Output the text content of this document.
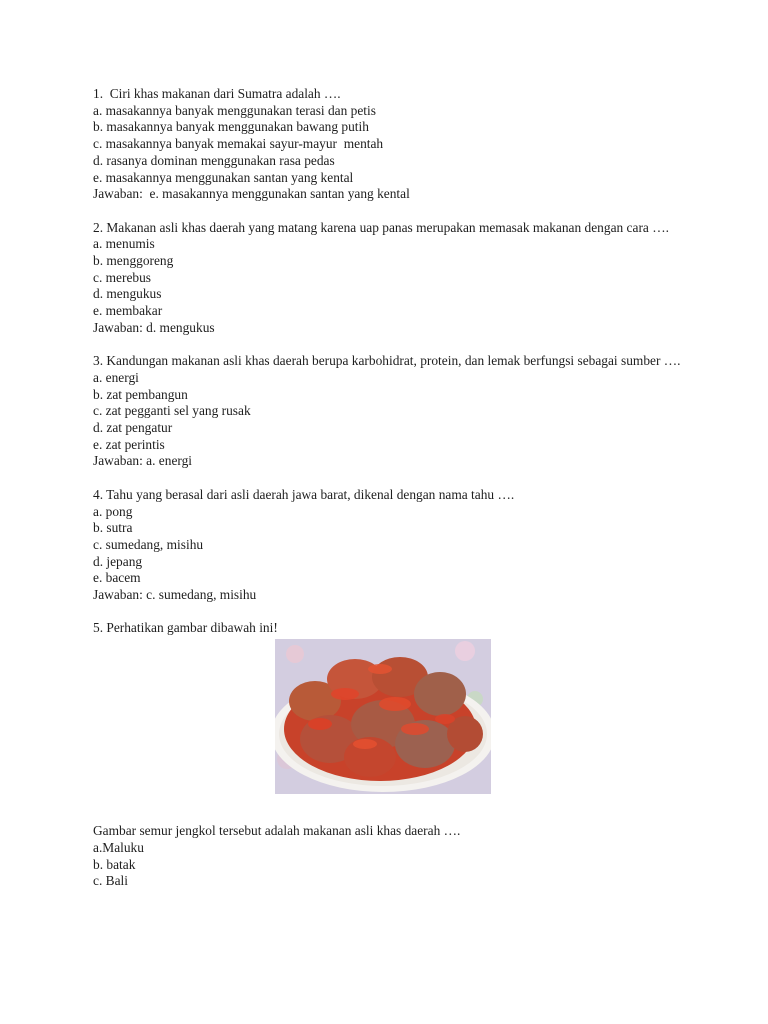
1.  Ciri khas makanan dari Sumatra adalah ….

a. masakannya banyak menggunakan terasi dan petis

b. masakannya banyak menggunakan bawang putih

c. masakannya banyak memakai sayur-mayur  mentah

d. rasanya dominan menggunakan rasa pedas

e. masakannya menggunakan santan yang kental

Jawaban:  e. masakannya menggunakan santan yang kental

2. Makanan asli khas daerah yang matang karena uap panas merupakan memasak makanan dengan cara ….

a. menumis

b. menggoreng

c. merebus

d. mengukus

e. membakar

Jawaban: d. mengukus

3. Kandungan makanan asli khas daerah berupa karbohidrat, protein, dan lemak berfungsi sebagai sumber ….

a. energi

b. zat pembangun

c. zat pegganti sel yang rusak

d. zat pengatur

e. zat perintis

Jawaban: a. energi

4. Tahu yang berasal dari asli daerah jawa barat, dikenal dengan nama tahu ….

a. pong

b. sutra

c. sumedang, misihu

d. jepang

e. bacem

Jawaban: c. sumedang, misihu

5. Perhatikan gambar dibawah ini!

Gambar semur jengkol tersebut adalah makanan asli khas daerah ….

a.Maluku

b. batak

c. Bali
